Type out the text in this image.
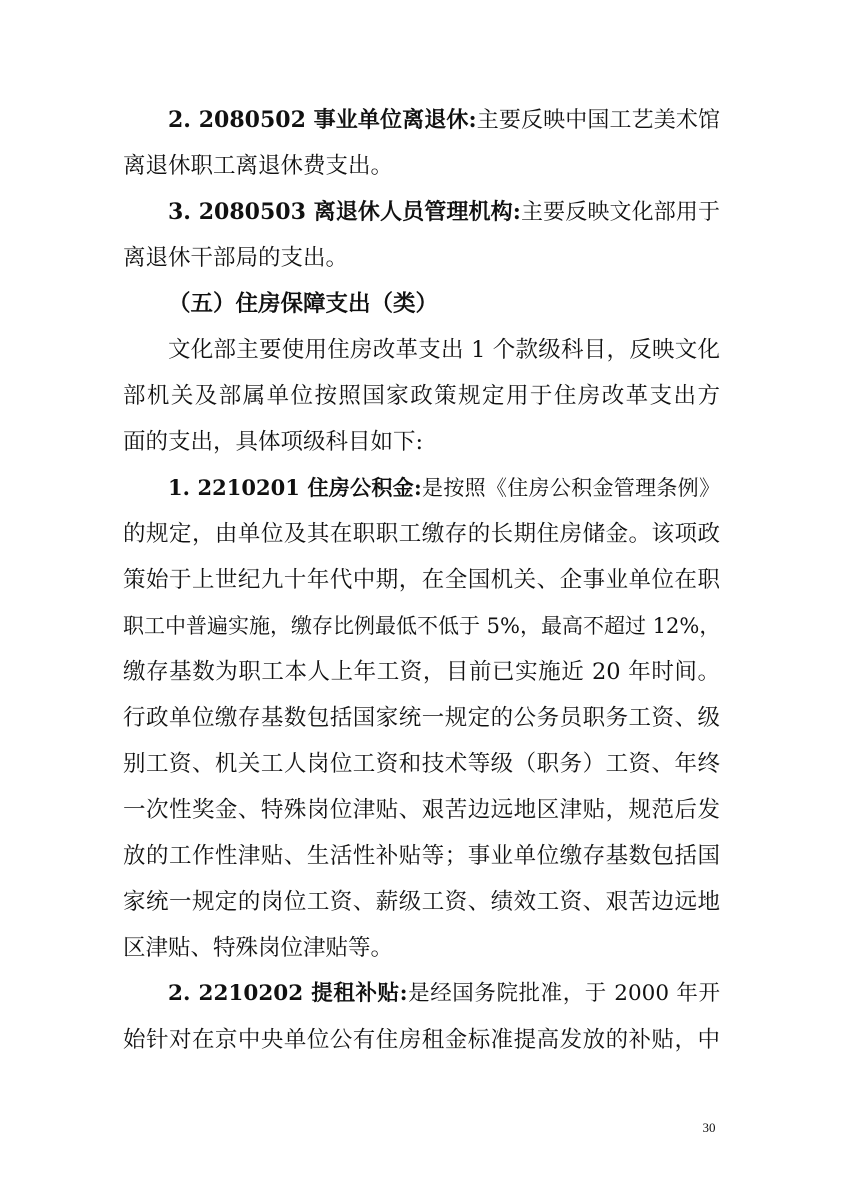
2. 2080502 事业单位离退休:主要反映中国工艺美术馆
离退休职工离退休费支出。
3. 2080503 离退休人员管理机构:主要反映文化部用于
离退休干部局的支出。
（五）住房保障支出（类）
文化部主要使用住房改革支出 1 个款级科目，反映文化
部机关及部属单位按照国家政策规定用于住房改革支出方
面的支出，具体项级科目如下:
1. 2210201 住房公积金:是按照《住房公积金管理条例》
的规定，由单位及其在职职工缴存的长期住房储金。该项政
策始于上世纪九十年代中期，在全国机关、企事业单位在职
职工中普遍实施，缴存比例最低不低于 5%，最高不超过 12%，
缴存基数为职工本人上年工资，目前已实施近 20 年时间。
行政单位缴存基数包括国家统一规定的公务员职务工资、级
别工资、机关工人岗位工资和技术等级（职务）工资、年终
一次性奖金、特殊岗位津贴、艰苦边远地区津贴，规范后发
放的工作性津贴、生活性补贴等；事业单位缴存基数包括国
家统一规定的岗位工资、薪级工资、绩效工资、艰苦边远地
区津贴、特殊岗位津贴等。
2. 2210202 提租补贴:是经国务院批准，于 2000 年开
始针对在京中央单位公有住房租金标准提高发放的补贴，中
30
